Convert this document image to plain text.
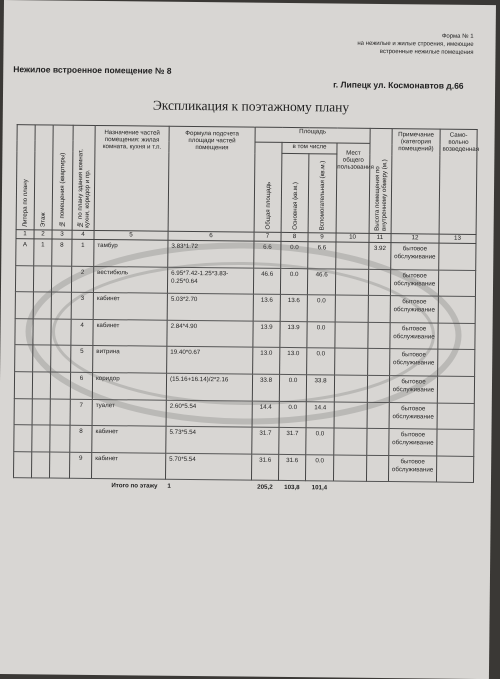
Форма № 1
на нежилые и жилые строения, имеющие
встроенные нежилые помещения
Нежилое встроенное помещение № 8
г. Липецк ул. Космонавтов д.66
Экспликация к поэтажному плану
Литера по плану	Этаж	№ помещения (квартиры)	№ по плану здания комнат, кухни, коридор и пр.	Назначение частей помещения: жилая комната, кухня и т.п.	Формула подсчета площади частей помещения	Площадь				Высота помещения по внутреннему обмеру (м.)	Примечание (категория помещений)	Само-вольно возведенная
						Общая площадь	в том числе		Мест общего пользования			
							Основная (кв.м.)	Вспомогательная (кв.м.)				
1	2	3	4	5	6	7	8	9	10	11	12	13
А	1	8	1	тамбур	3.83*1.72	6.6	0.0	6.6		3.92	бытовое обслуживание	
			2	вестибюль	6.95*7.42-1.25*3.83-0.25*0.64	46.6	0.0	46.6			бытовое обслуживание	
			3	кабинет	5.03*2.70	13.6	13.6	0.0			бытовое обслуживание	
			4	кабинет	2.84*4.90	13.9	13.9	0.0			бытовое обслуживание	
			5	витрина	19.40*0.67	13.0	13.0	0.0			бытовое обслуживание	
			6	коридор	(15.16+16.14)/2*2.16	33.8	0.0	33.8			бытовое обслуживание	
			7	туалет	2.60*5.54	14.4	0.0	14.4			бытовое обслуживание	
			8	кабинет	5.73*5.54	31.7	31.7	0.0			бытовое обслуживание	
			9	кабинет	5.70*5.54	31.6	31.6	0.0			бытовое обслуживание	
Итого по этажу					1	205,2	103,8	101,4				
